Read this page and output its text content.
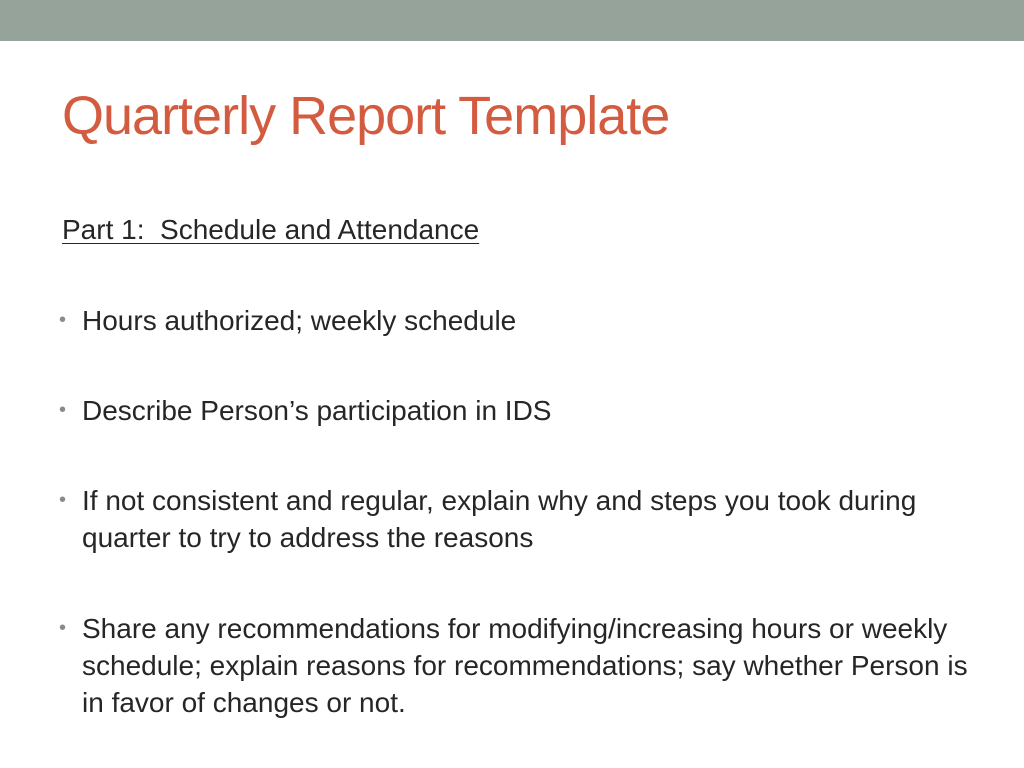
Quarterly Report Template
Part 1:  Schedule and Attendance
• Hours authorized; weekly schedule
• Describe Person’s participation in IDS
• If not consistent and regular, explain why and steps you took during quarter to try to address the reasons
• Share any recommendations for modifying/increasing hours or weekly schedule; explain reasons for recommendations; say whether Person is in favor of changes or not.
